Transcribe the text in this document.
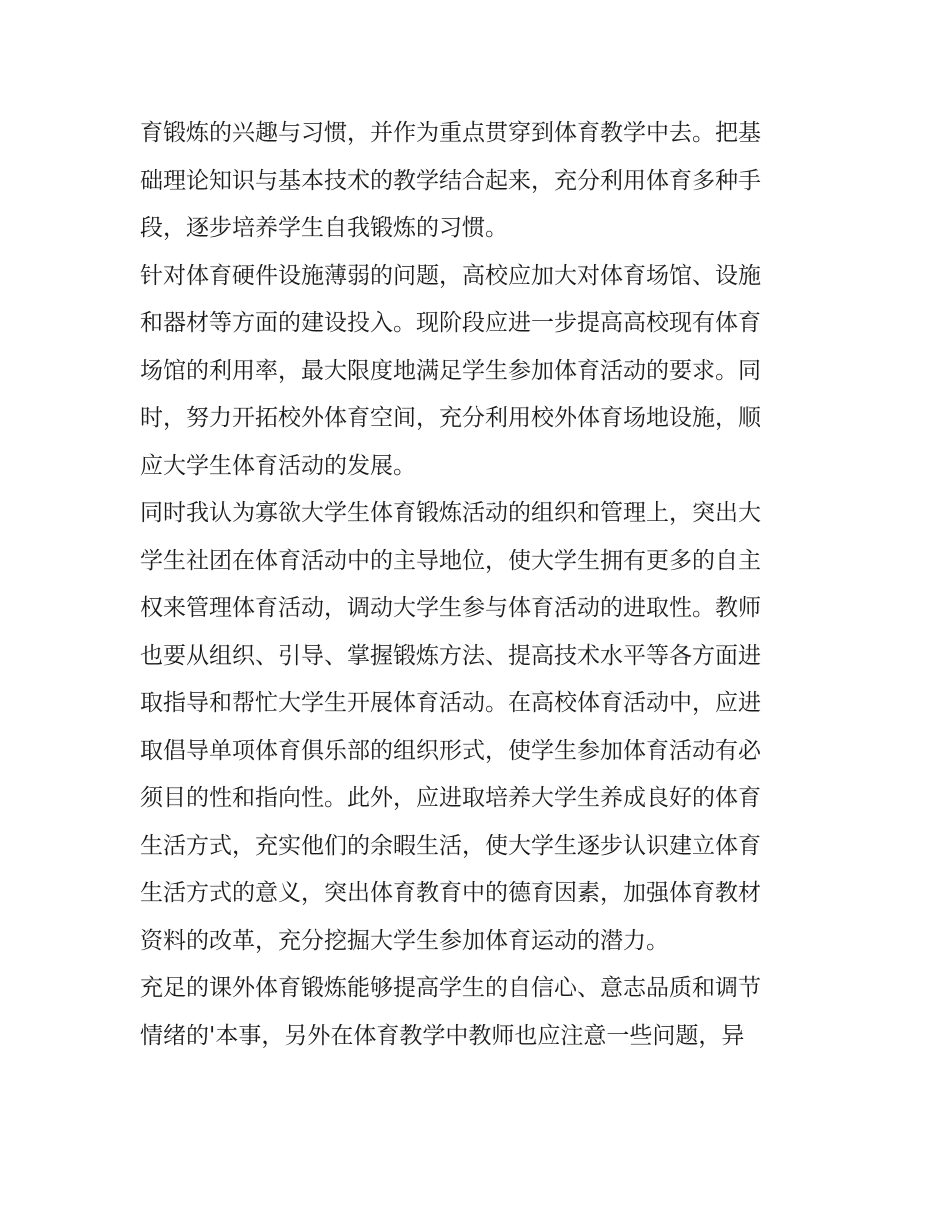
育锻炼的兴趣与习惯，并作为重点贯穿到体育教学中去。把基
础理论知识与基本技术的教学结合起来，充分利用体育多种手
段，逐步培养学生自我锻炼的习惯。
针对体育硬件设施薄弱的问题，高校应加大对体育场馆、设施
和器材等方面的建设投入。现阶段应进一步提高高校现有体育
场馆的利用率，最大限度地满足学生参加体育活动的要求。同
时，努力开拓校外体育空间，充分利用校外体育场地设施，顺
应大学生体育活动的发展。
同时我认为寡欲大学生体育锻炼活动的组织和管理上，突出大
学生社团在体育活动中的主导地位，使大学生拥有更多的自主
权来管理体育活动，调动大学生参与体育活动的进取性。教师
也要从组织、引导、掌握锻炼方法、提高技术水平等各方面进
取指导和帮忙大学生开展体育活动。在高校体育活动中，应进
取倡导单项体育俱乐部的组织形式，使学生参加体育活动有必
须目的性和指向性。此外，应进取培养大学生养成良好的体育
生活方式，充实他们的余暇生活，使大学生逐步认识建立体育
生活方式的意义，突出体育教育中的德育因素，加强体育教材
资料的改革，充分挖掘大学生参加体育运动的潜力。
充足的课外体育锻炼能够提高学生的自信心、意志品质和调节
情绪的'本事，另外在体育教学中教师也应注意一些问题，异
